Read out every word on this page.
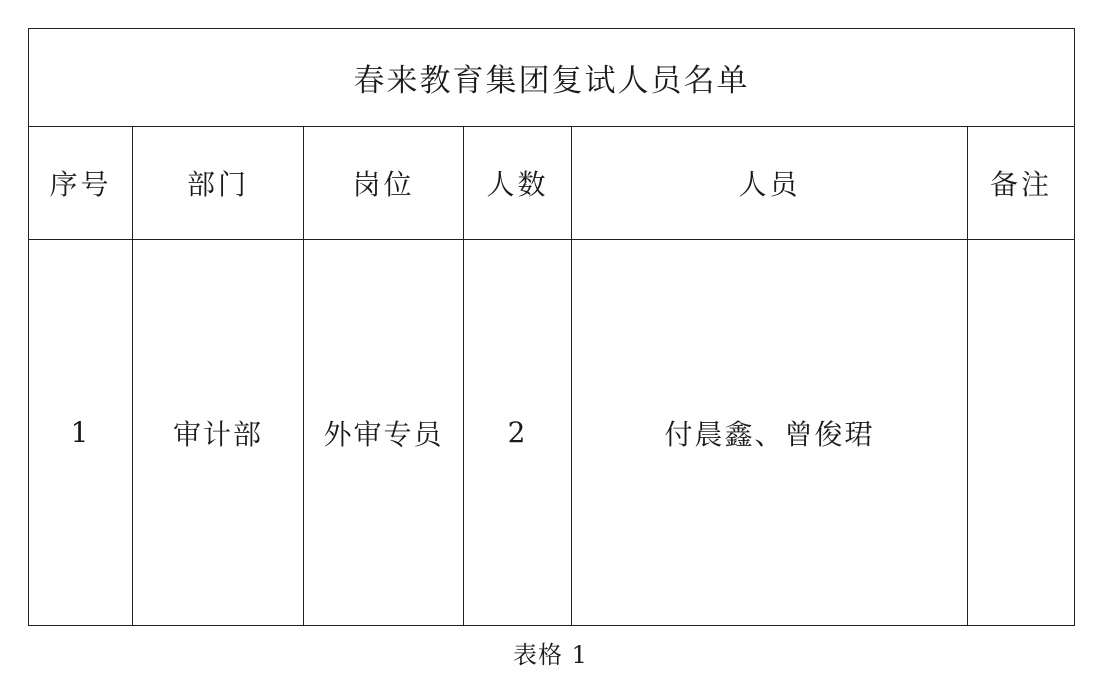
春来教育集团复试人员名单					
序号	部门	岗位	人数	人员	备注
1	审计部	外审专员	2	付晨鑫、曾俊珺	
表格 1
